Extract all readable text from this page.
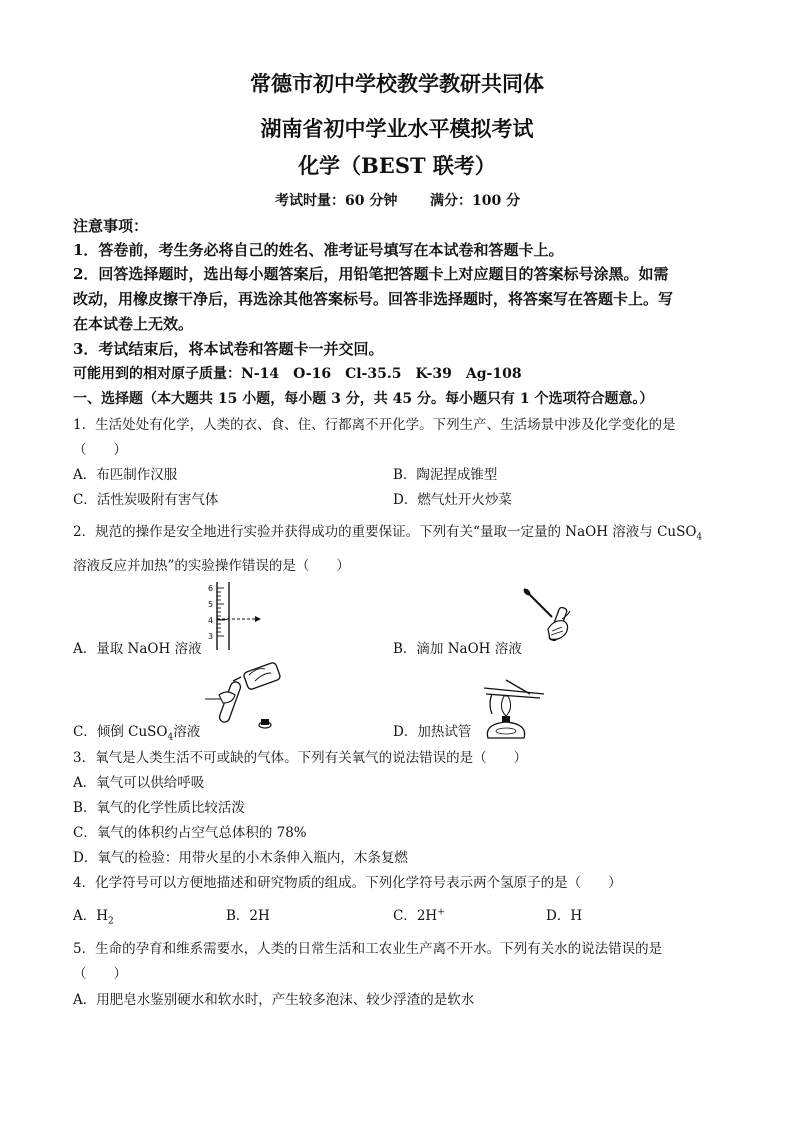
常德市初中学校教学教研共同体
湖南省初中学业水平模拟考试
化学（BEST 联考）
考试时量：60 分钟 满分：100 分
注意事项：
1．答卷前，考生务必将自己的姓名、准考证号填写在本试卷和答题卡上。
2．回答选择题时，选出每小题答案后，用铅笔把答题卡上对应题目的答案标号涂黑。如需
改动，用橡皮擦干净后，再选涂其他答案标号。回答非选择题时，将答案写在答题卡上。写
在本试卷上无效。
3．考试结束后，将本试卷和答题卡一并交回。
可能用到的相对原子质量：N-14　O-16　Cl-35.5　K-39　Ag-108
一、选择题（本大题共 15 小题，每小题 3 分，共 45 分。每小题只有 1 个选项符合题意。）
1．生活处处有化学，人类的衣、食、住、行都离不开化学。下列生产、生活场景中涉及化学变化的是
（　　）
A．布匹制作汉服	B．陶泥捏成锥型
C．活性炭吸附有害气体	D．燃气灶开火炒菜
2．规范的操作是安全地进行实验并获得成功的重要保证。下列有关“量取一定量的 NaOH 溶液与 CuSO$_4$
溶液反应并加热”的实验操作错误的是（　　）
A．量取 NaOH 溶液	B．滴加 NaOH 溶液
C．倾倒 CuSO$_4$溶液	D．加热试管
6
5
4
3
3．氧气是人类生活不可或缺的气体。下列有关氧气的说法错误的是（　　）
A．氧气可以供给呼吸
B．氧气的化学性质比较活泼
C．氧气的体积约占空气总体积的 78%
D．氧气的检验：用带火星的小木条伸入瓶内，木条复燃
4．化学符号可以方便地描述和研究物质的组成。下列化学符号表示两个氢原子的是（　　）
A．$H_2$	B．2H	C．2H+	D．H
5．生命的孕育和维系需要水，人类的日常生活和工农业生产离不开水。下列有关水的说法错误的是
（　　）
A．用肥皂水鉴别硬水和软水时，产生较多泡沫、较少浮渣的是软水
